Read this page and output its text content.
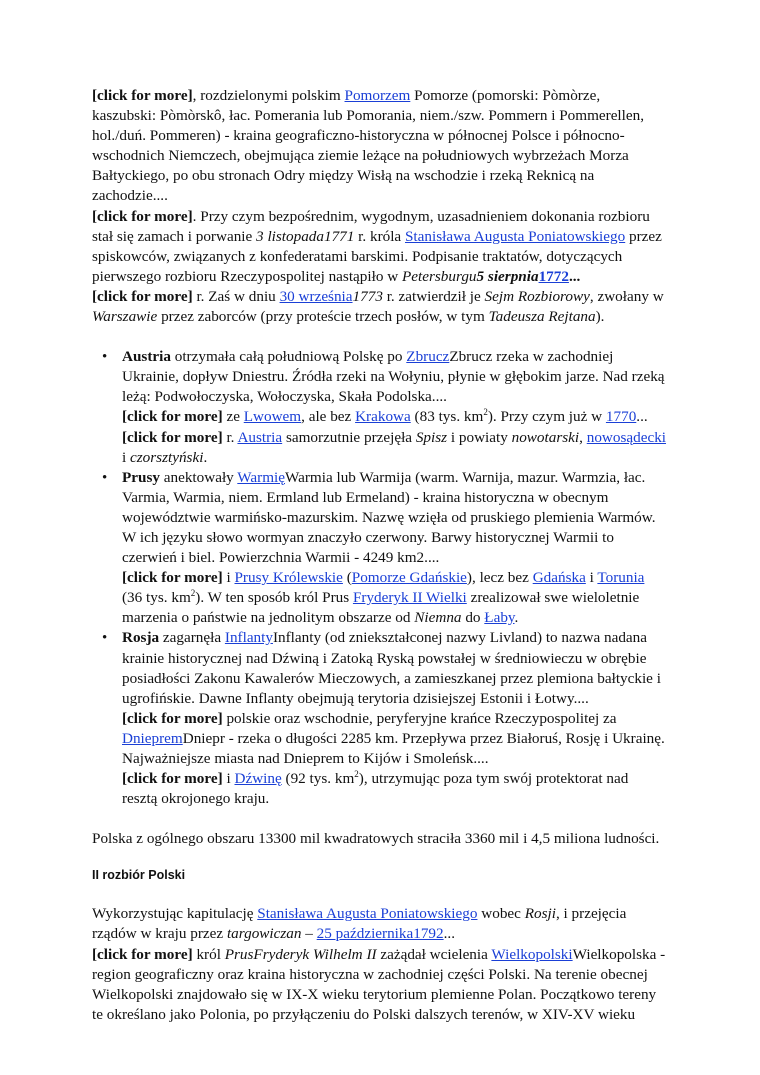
[click for more], rozdzielonymi polskim Pomorzem Pomorze (pomorski: Pòmòrze, kaszubski: Pòmòrskô, łac. Pomerania lub Pomorania, niem./szw. Pommern i Pommerellen, hol./duń. Pommeren) - kraina geograficzno-historyczna w północnej Polsce i północno-wschodnich Niemczech, obejmująca ziemie leżące na południowych wybrzeżach Morza Bałtyckiego, po obu stronach Odry między Wisłą na wschodzie i rzeką Reknicą na zachodzie....

[click for more]. Przy czym bezpośrednim, wygodnym, uzasadnieniem dokonania rozbioru stał się zamach i porwanie 3 listopada1771 r. króla Stanisława Augusta Poniatowskiego przez spiskowców, związanych z konfederatami barskimi. Podpisanie traktatów, dotyczących pierwszego rozbioru Rzeczypospolitej nastąpiło w Petersburgu5 sierpnia1772...

[click for more] r. Zaś w dniu 30 września1773 r. zatwierdził je Sejm Rozbiorowy, zwołany w Warszawie przez zaborców (przy proteście trzech posłów, w tym Tadeusza Rejtana).

• Austria otrzymała całą południową Polskę po ZbruczZbrucz rzeka w zachodniej Ukrainie, dopływ Dniestru. Źródła rzeki na Wołyniu, płynie w głębokim jarze. Nad rzeką leżą: Podwołoczyska, Wołoczyska, Skała Podolska....
[click for more] ze Lwowem, ale bez Krakowa (83 tys. $km^2$). Przy czym już w 1770...
[click for more] r. Austria samorzutnie przejęła Spisz i powiaty nowotarski, nowosądecki i czorsztyński.
• Prusy anektowały WarmięWarmia lub Warmija (warm. Warnija, mazur. Warmzia, łac. Varmia, Warmia, niem. Ermland lub Ermeland) - kraina historyczna w obecnym województwie warmińsko-mazurskim. Nazwę wzięła od pruskiego plemienia Warmów. W ich języku słowo wormyan znaczyło czerwony. Barwy historycznej Warmii to czerwień i biel. Powierzchnia Warmii - 4249 km2....
[click for more] i Prusy Królewskie (Pomorze Gdańskie), lecz bez Gdańska i Torunia (36 tys. $km^2$). W ten sposób król Prus Fryderyk II Wielki zrealizował swe wieloletnie marzenia o państwie na jednolitym obszarze od Niemna do Łaby.
• Rosja zagarnęła InflantyInflanty (od zniekształconej nazwy Livland) to nazwa nadana krainie historycznej nad Dźwiną i Zatoką Ryską powstałej w średniowieczu w obrębie posiadłości Zakonu Kawalerów Mieczowych, a zamieszkanej przez plemiona bałtyckie i ugrofińskie. Dawne Inflanty obejmują terytoria dzisiejszej Estonii i Łotwy....
[click for more] polskie oraz wschodnie, peryferyjne krańce Rzeczypospolitej za DniepremDniepr - rzeka o długości 2285 km. Przepływa przez Białoruś, Rosję i Ukrainę. Najważniejsze miasta nad Dnieprem to Kijów i Smoleńsk....
[click for more] i Dźwinę (92 tys. $km^2$), utrzymując poza tym swój protektorat nad resztą okrojonego kraju.

Polska z ogólnego obszaru 13300 mil kwadratowych straciła 3360 mil i 4,5 miliona ludności.

II rozbiór Polski

Wykorzystując kapitulację Stanisława Augusta Poniatowskiego wobec Rosji, i przejęcia rządów w kraju przez targowiczan – 25 października1792...

[click for more] król PrusFryderyk Wilhelm II zażądał wcielenia WielkopolskiWielkopolska - region geograficzny oraz kraina historyczna w zachodniej części Polski. Na terenie obecnej Wielkopolski znajdowało się w IX-X wieku terytorium plemienne Polan. Początkowo tereny te określano jako Polonia, po przyłączeniu do Polski dalszych terenów, w XIV-XV wieku
